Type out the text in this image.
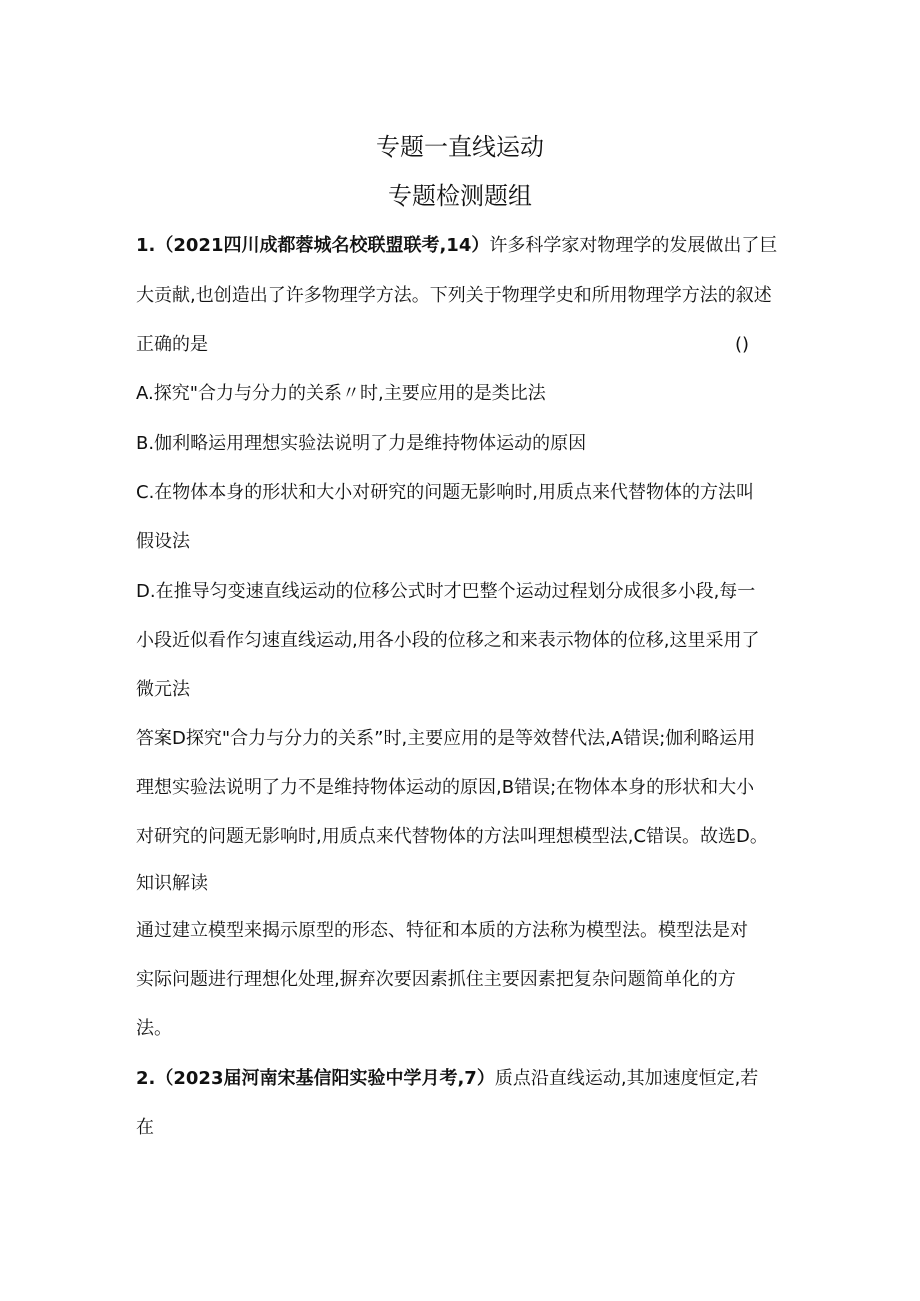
专题一直线运动
专题检测题组
1.（2021四川成都蓉城名校联盟联考,14）许多科学家对物理学的发展做出了巨
大贡献,也创造出了许多物理学方法。下列关于物理学史和所用物理学方法的叙述
正确的是	()
A.探究"合力与分力的关系〃时,主要应用的是类比法
B.伽利略运用理想实验法说明了力是维持物体运动的原因
C.在物体本身的形状和大小对研究的问题无影响时,用质点来代替物体的方法叫
假设法
D.在推导匀变速直线运动的位移公式时才巴整个运动过程划分成很多小段,每一
小段近似看作匀速直线运动,用各小段的位移之和来表示物体的位移,这里采用了
微元法
答案D探究"合力与分力的关系”时,主要应用的是等效替代法,A错误;伽利略运用
理想实验法说明了力不是维持物体运动的原因,B错误;在物体本身的形状和大小
对研究的问题无影响时,用质点来代替物体的方法叫理想模型法,C错误。故选D。
知识解读
通过建立模型来揭示原型的形态、特征和本质的方法称为模型法。模型法是对
实际问题进行理想化处理,摒弃次要因素抓住主要因素把复杂问题简单化的方
法。
2.（2023届河南宋基信阳实验中学月考,7）质点沿直线运动,其加速度恒定,若
在
